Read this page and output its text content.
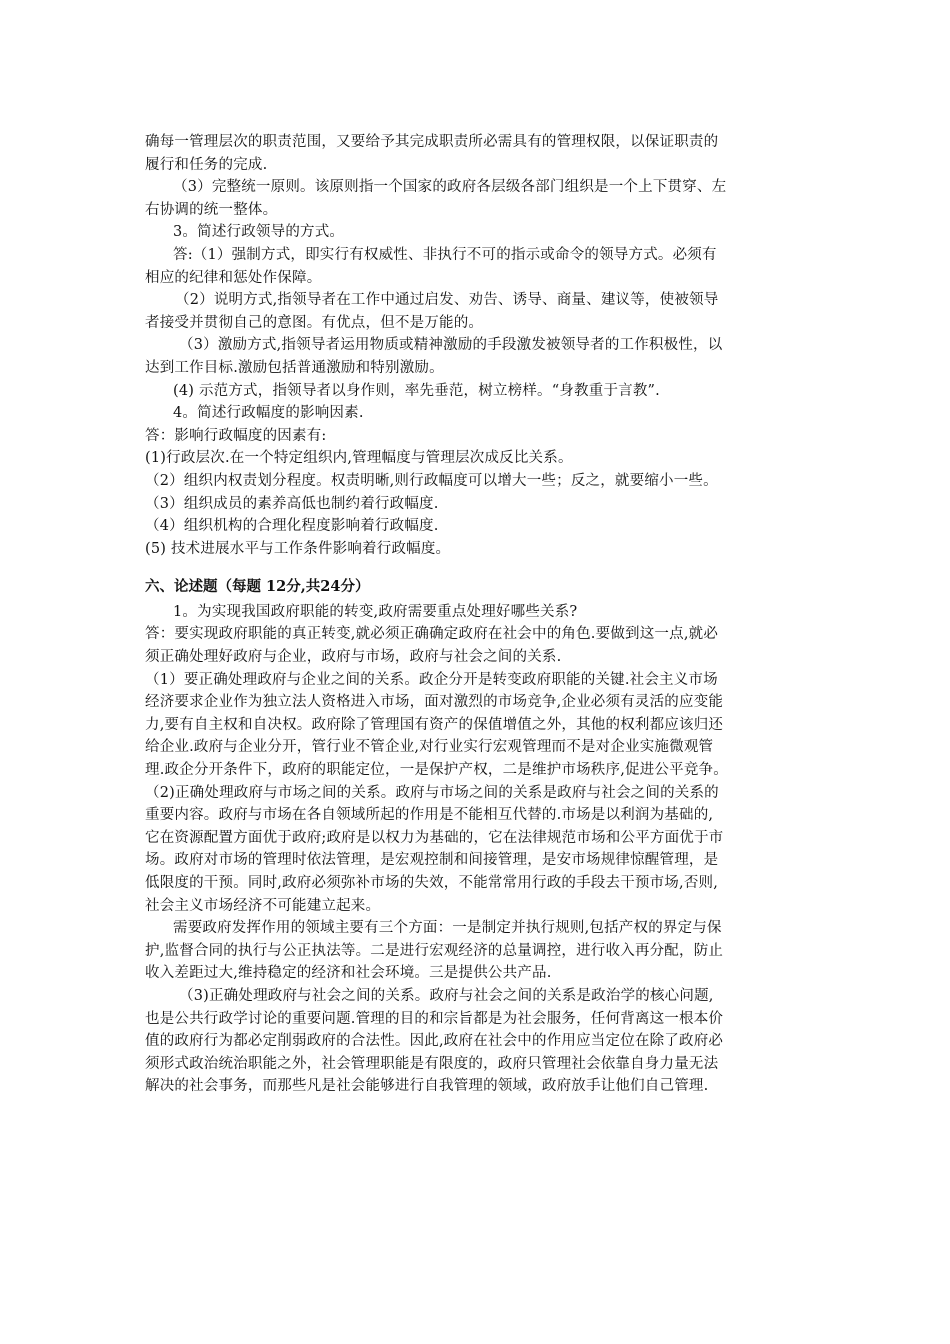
确每一管理层次的职责范围，又要给予其完成职责所必需具有的管理权限，以保证职责的
履行和任务的完成.
（3）完整统一原则。该原则指一个国家的政府各层级各部门组织是一个上下贯穿、左
右协调的统一整体。
3。简述行政领导的方式。
答:（1）强制方式，即实行有权威性、非执行不可的指示或命令的领导方式。必须有
相应的纪律和惩处作保障。
（2）说明方式,指领导者在工作中通过启发、劝告、诱导、商量、建议等，使被领导
者接受并贯彻自己的意图。有优点，但不是万能的。
（3）激励方式,指领导者运用物质或精神激励的手段激发被领导者的工作积极性，以
达到工作目标.激励包括普通激励和特别激励。
(4) 示范方式，指领导者以身作则，率先垂范，树立榜样。“身教重于言教”.
4。简述行政幅度的影响因素.
答：影响行政幅度的因素有:
(1)行政层次.在一个特定组织内,管理幅度与管理层次成反比关系。
（2）组织内权责划分程度。权责明晰,则行政幅度可以增大一些；反之，就要缩小一些。
（3）组织成员的素养高低也制约着行政幅度.
（4）组织机构的合理化程度影响着行政幅度.
(5) 技术进展水平与工作条件影响着行政幅度。
六、论述题（每题 12分,共24分）
1。为实现我国政府职能的转变,政府需要重点处理好哪些关系?
答：要实现政府职能的真正转变,就必须正确确定政府在社会中的角色.要做到这一点,就必
须正确处理好政府与企业，政府与市场，政府与社会之间的关系.
（1）要正确处理政府与企业之间的关系。政企分开是转变政府职能的关键.社会主义市场
经济要求企业作为独立法人资格进入市场，面对激烈的市场竞争,企业必须有灵活的应变能
力,要有自主权和自决权。政府除了管理国有资产的保值增值之外，其他的权利都应该归还
给企业.政府与企业分开，管行业不管企业,对行业实行宏观管理而不是对企业实施微观管
理.政企分开条件下，政府的职能定位，一是保护产权，二是维护市场秩序,促进公平竞争。
（2)正确处理政府与市场之间的关系。政府与市场之间的关系是政府与社会之间的关系的
重要内容。政府与市场在各自领域所起的作用是不能相互代替的.市场是以利润为基础的,
它在资源配置方面优于政府;政府是以权力为基础的，它在法律规范市场和公平方面优于市
场。政府对市场的管理时依法管理，是宏观控制和间接管理，是安市场规律惊醒管理，是
低限度的干预。同时,政府必须弥补市场的失效，不能常常用行政的手段去干预市场,否则,
社会主义市场经济不可能建立起来。
需要政府发挥作用的领域主要有三个方面：一是制定并执行规则,包括产权的界定与保
护,监督合同的执行与公正执法等。二是进行宏观经济的总量调控，进行收入再分配，防止
收入差距过大,维持稳定的经济和社会环境。三是提供公共产品.
（3)正确处理政府与社会之间的关系。政府与社会之间的关系是政治学的核心问题,
也是公共行政学讨论的重要问题.管理的目的和宗旨都是为社会服务，任何背离这一根本价
值的政府行为都必定削弱政府的合法性。因此,政府在社会中的作用应当定位在除了政府必
须形式政治统治职能之外，社会管理职能是有限度的，政府只管理社会依靠自身力量无法
解决的社会事务，而那些凡是社会能够进行自我管理的领域，政府放手让他们自己管理.
